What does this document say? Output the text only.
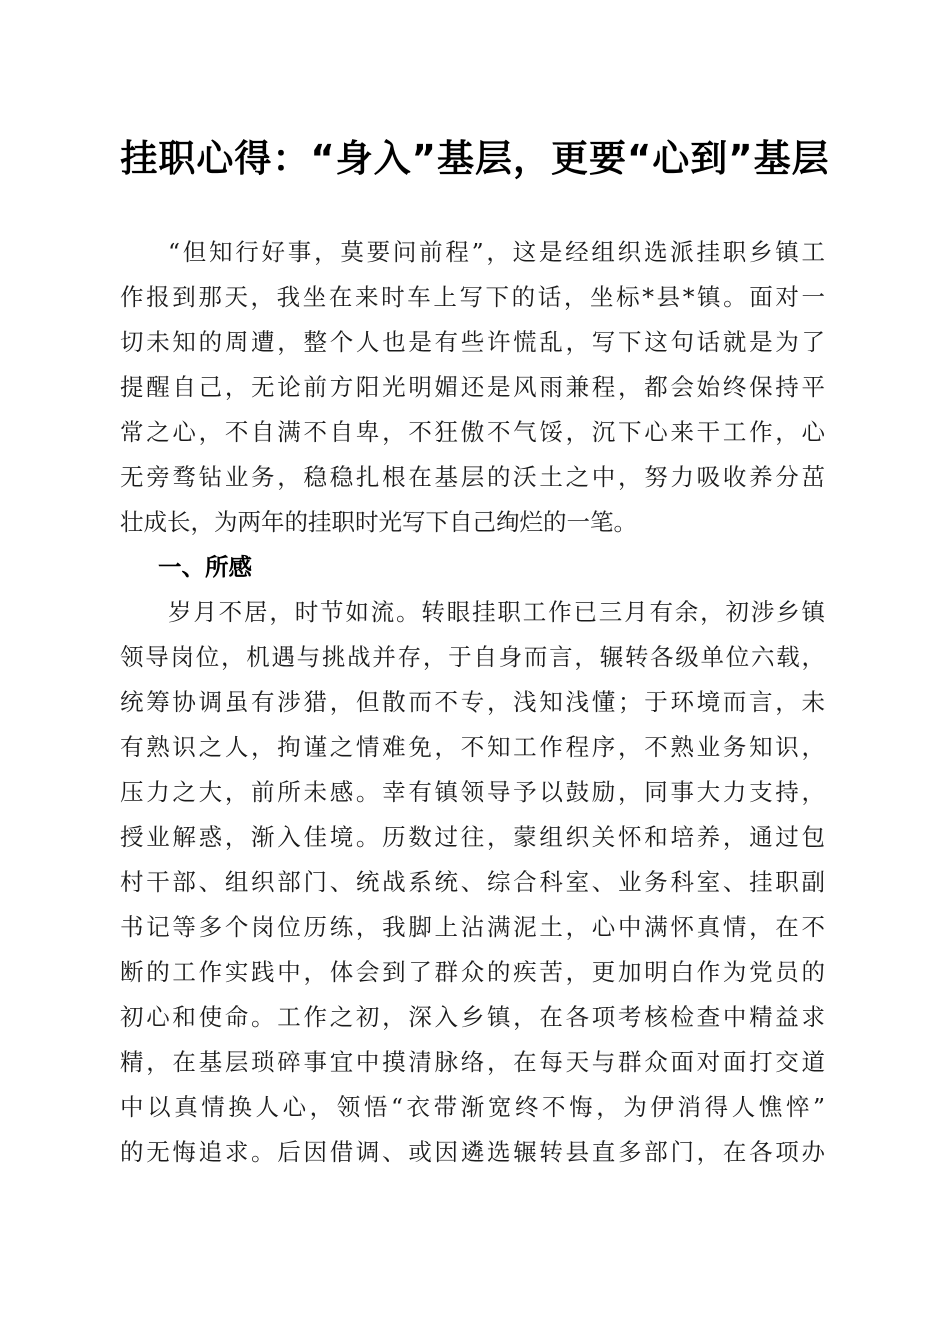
挂职心得：“身入”基层，更要“心到”基层
“但知行好事，莫要问前程”，这是经组织选派挂职乡镇工
作报到那天，我坐在来时车上写下的话，坐标*县*镇。面对一
切未知的周遭，整个人也是有些许慌乱，写下这句话就是为了
提醒自己，无论前方阳光明媚还是风雨兼程，都会始终保持平
常之心，不自满不自卑，不狂傲不气馁，沉下心来干工作，心
无旁骛钻业务，稳稳扎根在基层的沃土之中，努力吸收养分茁
壮成长，为两年的挂职时光写下自己绚烂的一笔。
一、所感
岁月不居，时节如流。转眼挂职工作已三月有余，初涉乡镇
领导岗位，机遇与挑战并存，于自身而言，辗转各级单位六载，
统筹协调虽有涉猎，但散而不专，浅知浅懂；于环境而言，未
有熟识之人，拘谨之情难免，不知工作程序，不熟业务知识，
压力之大，前所未感。幸有镇领导予以鼓励，同事大力支持，
授业解惑，渐入佳境。历数过往，蒙组织关怀和培养，通过包
村干部、组织部门、统战系统、综合科室、业务科室、挂职副
书记等多个岗位历练，我脚上沾满泥土，心中满怀真情，在不
断的工作实践中，体会到了群众的疾苦，更加明白作为党员的
初心和使命。工作之初，深入乡镇，在各项考核检查中精益求
精，在基层琐碎事宜中摸清脉络，在每天与群众面对面打交道
中以真情换人心，领悟“衣带渐宽终不悔，为伊消得人憔悴”
的无悔追求。后因借调、或因遴选辗转县直多部门，在各项办
